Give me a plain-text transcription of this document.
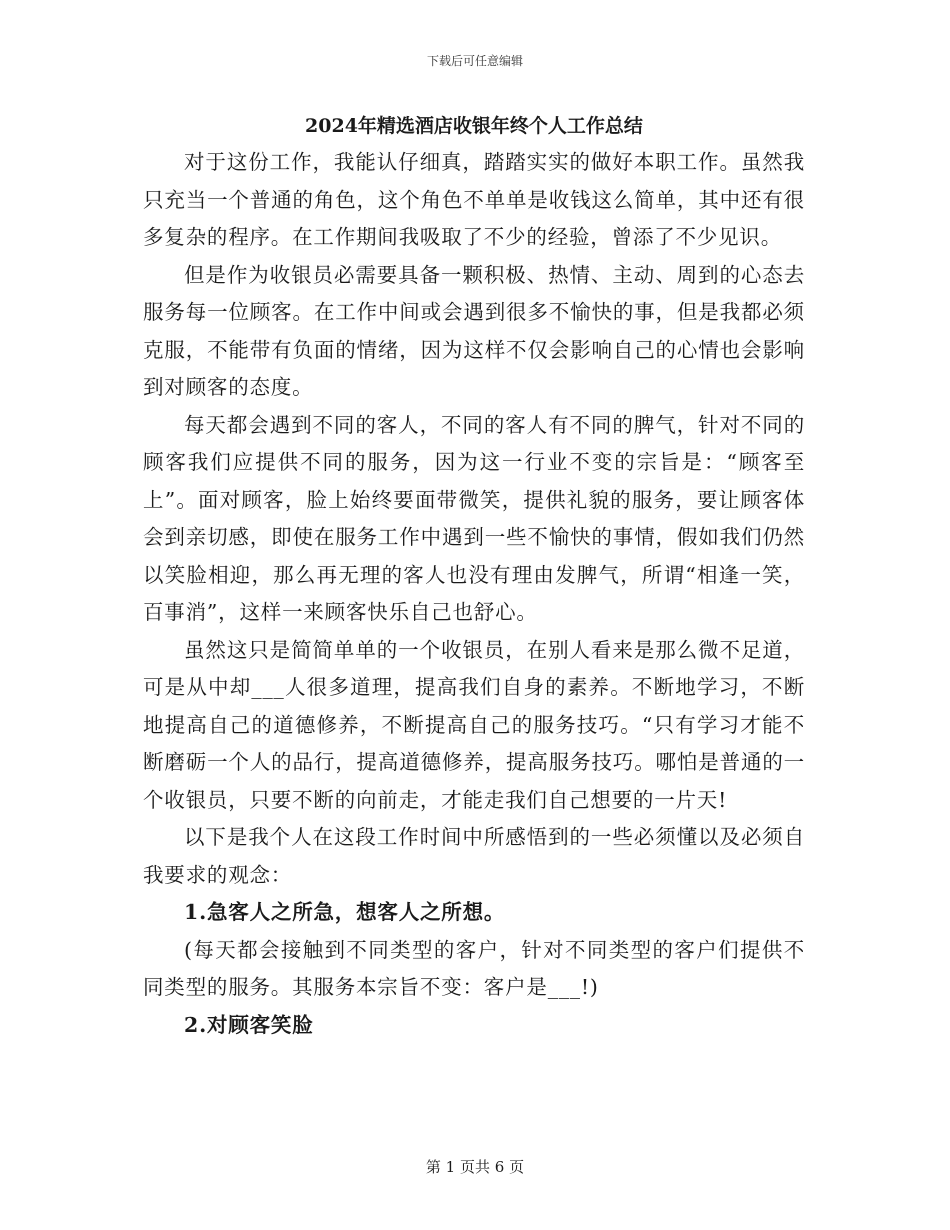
下载后可任意编辑
2024年精选酒店收银年终个人工作总结

对于这份工作，我能认仔细真，踏踏实实的做好本职工作。虽然我只充当一个普通的角色，这个角色不单单是收钱这么简单，其中还有很多复杂的程序。在工作期间我吸取了不少的经验，曾添了不少见识。

但是作为收银员必需要具备一颗积极、热情、主动、周到的心态去服务每一位顾客。在工作中间或会遇到很多不愉快的事，但是我都必须克服，不能带有负面的情绪，因为这样不仅会影响自己的心情也会影响到对顾客的态度。

每天都会遇到不同的客人，不同的客人有不同的脾气，针对不同的顾客我们应提供不同的服务，因为这一行业不变的宗旨是：“顾客至上”。面对顾客，脸上始终要面带微笑，提供礼貌的服务，要让顾客体会到亲切感，即使在服务工作中遇到一些不愉快的事情，假如我们仍然以笑脸相迎，那么再无理的客人也没有理由发脾气，所谓“相逢一笑，百事消”，这样一来顾客快乐自己也舒心。

虽然这只是简简单单的一个收银员，在别人看来是那么微不足道，可是从中却___人很多道理，提高我们自身的素养。不断地学习，不断地提高自己的道德修养，不断提高自己的服务技巧。“只有学习才能不断磨砺一个人的品行，提高道德修养，提高服务技巧。哪怕是普通的一个收银员，只要不断的向前走，才能走我们自己想要的一片天!

以下是我个人在这段工作时间中所感悟到的一些必须懂以及必须自我要求的观念：

1.急客人之所急，想客人之所想。

(每天都会接触到不同类型的客户，针对不同类型的客户们提供不同类型的服务。其服务本宗旨不变：客户是___!)

2.对顾客笑脸

第 1 页共 6 页
